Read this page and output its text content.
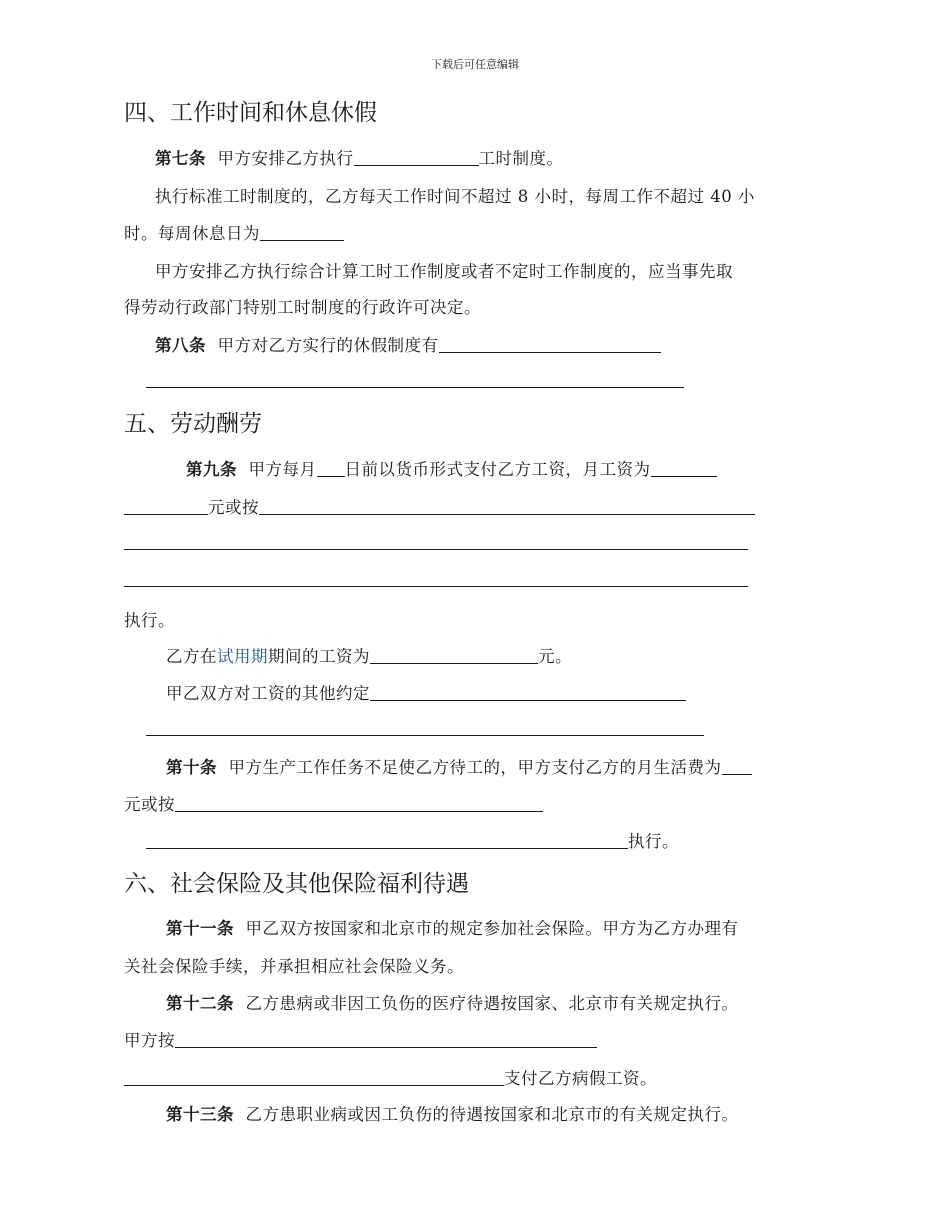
下载后可任意编辑
四、工作时间和休息休假
第七条 甲方安排乙方执行	工时制度。
执行标准工时制度的，乙方每天工作时间不超过 8 小时，每周工作不超过 40 小
时。每周休息日为
甲方安排乙方执行综合计算工时工作制度或者不定时工作制度的，应当事先取
得劳动行政部门特别工时制度的行政许可决定。
第八条 甲方对乙方实行的休假制度有
五、劳动酬劳
第九条 甲方每月 日前以货币形式支付乙方工资，月工资为
元或按
执行。
乙方在试用期期间的工资为	元。
甲乙双方对工资的其他约定
第十条 甲方生产工作任务不足使乙方待工的，甲方支付乙方的月生活费为
元或按
执行。
六、社会保险及其他保险福利待遇
第十一条 甲乙双方按国家和北京市的规定参加社会保险。甲方为乙方办理有
关社会保险手续，并承担相应社会保险义务。
第十二条 乙方患病或非因工负伤的医疗待遇按国家、北京市有关规定执行。
甲方按
支付乙方病假工资。
第十三条 乙方患职业病或因工负伤的待遇按国家和北京市的有关规定执行。
